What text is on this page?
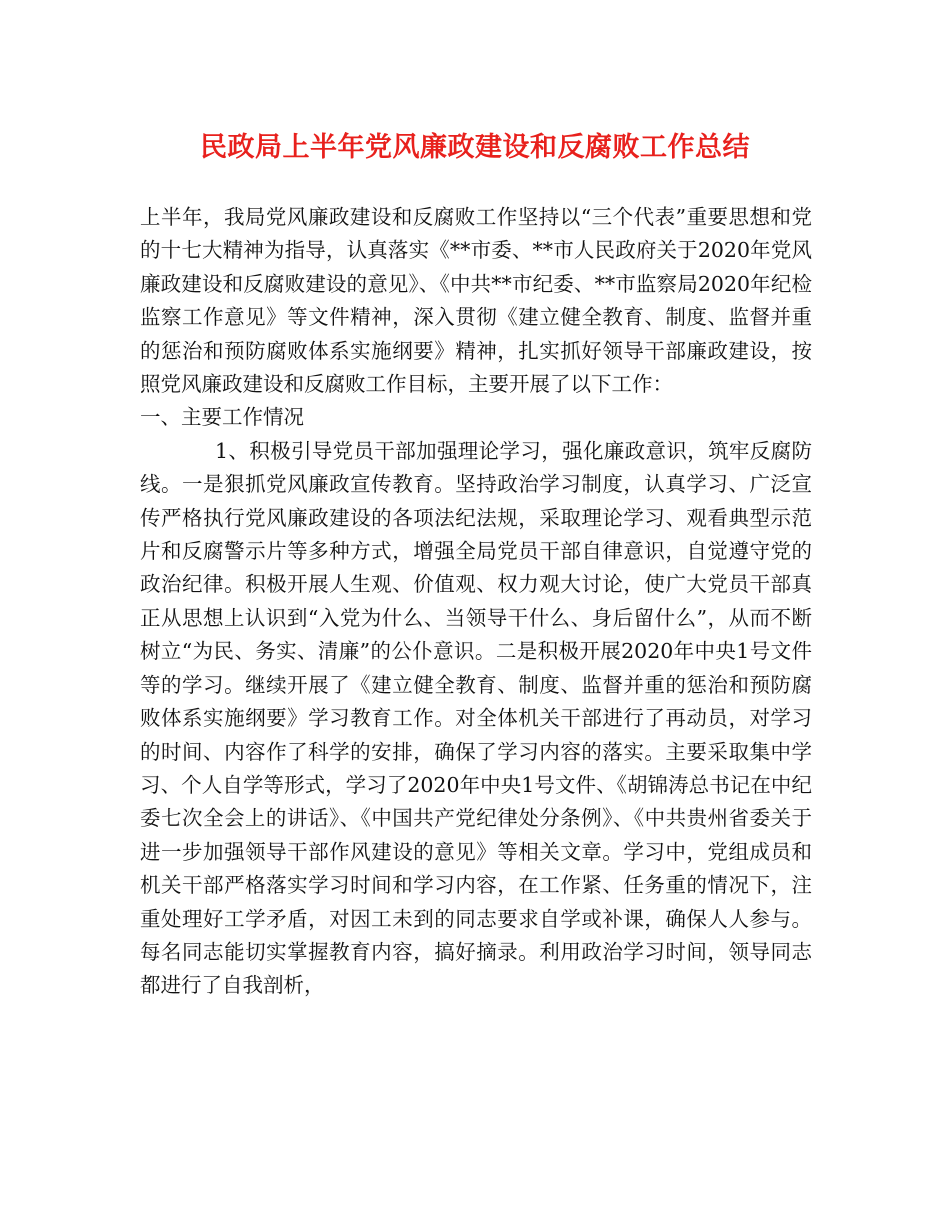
民政局上半年党风廉政建设和反腐败工作总结

上半年，我局党风廉政建设和反腐败工作坚持以“三个代表”重要思想和党的十七大精神为指导，认真落实《**市委、**市人民政府关于2020年党风廉政建设和反腐败建设的意见》、《中共**市纪委、**市监察局2020年纪检监察工作意见》等文件精神，深入贯彻《建立健全教育、制度、监督并重的惩治和预防腐败体系实施纲要》精神，扎实抓好领导干部廉政建设，按照党风廉政建设和反腐败工作目标，主要开展了以下工作：

一、主要工作情况

1、积极引导党员干部加强理论学习，强化廉政意识，筑牢反腐防线。一是狠抓党风廉政宣传教育。坚持政治学习制度，认真学习、广泛宣传严格执行党风廉政建设的各项法纪法规，采取理论学习、观看典型示范片和反腐警示片等多种方式，增强全局党员干部自律意识，自觉遵守党的政治纪律。积极开展人生观、价值观、权力观大讨论，使广大党员干部真正从思想上认识到“入党为什么、当领导干什么、身后留什么”，从而不断树立“为民、务实、清廉”的公仆意识。二是积极开展2020年中央1号文件等的学习。继续开展了《建立健全教育、制度、监督并重的惩治和预防腐败体系实施纲要》学习教育工作。对全体机关干部进行了再动员，对学习的时间、内容作了科学的安排，确保了学习内容的落实。主要采取集中学习、个人自学等形式，学习了2020年中央1号文件、《胡锦涛总书记在中纪委七次全会上的讲话》、《中国共产党纪律处分条例》、《中共贵州省委关于进一步加强领导干部作风建设的意见》等相关文章。学习中，党组成员和机关干部严格落实学习时间和学习内容，在工作紧、任务重的情况下，注重处理好工学矛盾，对因工未到的同志要求自学或补课，确保人人参与。每名同志能切实掌握教育内容，搞好摘录。利用政治学习时间，领导同志都进行了自我剖析，
